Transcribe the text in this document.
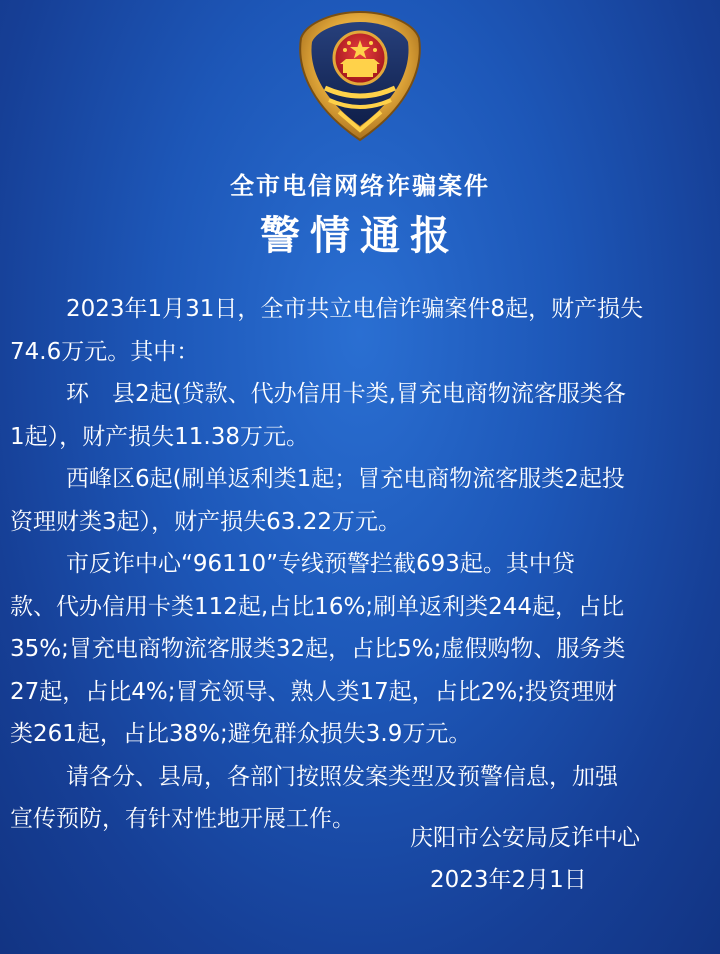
全市电信网络诈骗案件
警情通报

2023年1月31日，全市共立电信诈骗案件8起，财产损失
74.6万元。其中：

环　县2起(贷款、代办信用卡类,冒充电商物流客服类各
1起），财产损失11.38万元。

西峰区6起(刷单返利类1起；冒充电商物流客服类2起投
资理财类3起），财产损失63.22万元。

市反诈中心“96110”专线预警拦截693起。其中贷
款、代办信用卡类112起,占比16%;刷单返利类244起，占比
35%;冒充电商物流客服类32起，占比5%;虚假购物、服务类
27起，占比4%;冒充领导、熟人类17起，占比2%;投资理财
类261起，占比38%;避免群众损失3.9万元。

请各分、县局，各部门按照发案类型及预警信息，加强
宣传预防，有针对性地开展工作。

庆阳市公安局反诈中心
2023年2月1日
